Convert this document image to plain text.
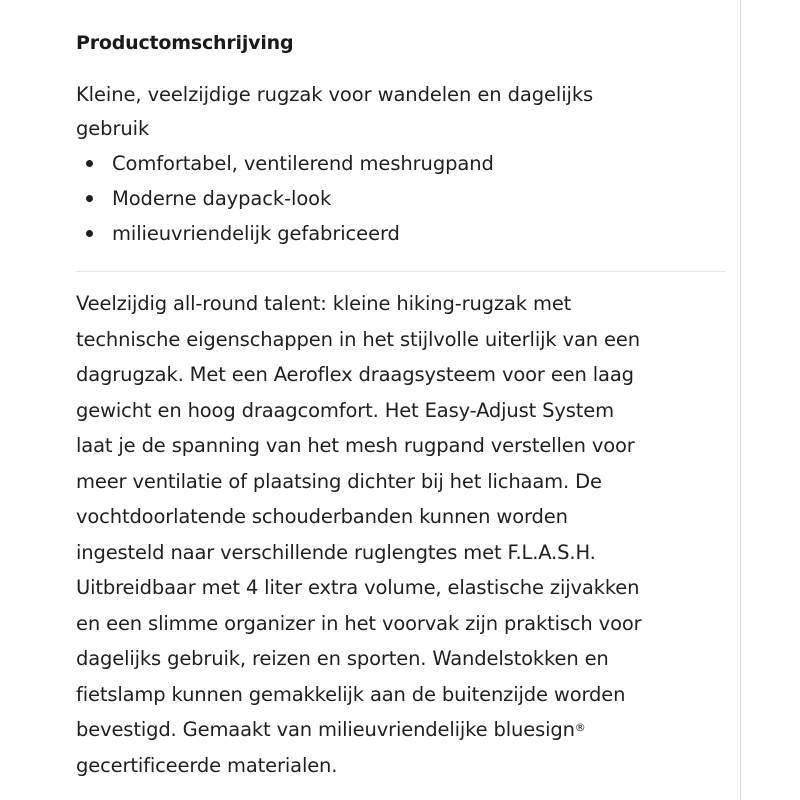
Productomschrijving

Kleine, veelzijdige rugzak voor wandelen en dagelijks
gebruik

Comfortabel, ventilerend meshrugpand
Moderne daypack-look
milieuvriendelijk gefabriceerd

Veelzijdig all-round talent: kleine hiking-rugzak met
technische eigenschappen in het stijlvolle uiterlijk van een
dagrugzak. Met een Aeroflex draagsysteem voor een laag
gewicht en hoog draagcomfort. Het Easy-Adjust System
laat je de spanning van het mesh rugpand verstellen voor
meer ventilatie of plaatsing dichter bij het lichaam. De
vochtdoorlatende schouderbanden kunnen worden
ingesteld naar verschillende ruglengtes met F.L.A.S.H.
Uitbreidbaar met 4 liter extra volume, elastische zijvakken
en een slimme organizer in het voorvak zijn praktisch voor
dagelijks gebruik, reizen en sporten. Wandelstokken en
fietslamp kunnen gemakkelijk aan de buitenzijde worden
bevestigd. Gemaakt van milieuvriendelijke bluesign®
gecertificeerde materialen.
